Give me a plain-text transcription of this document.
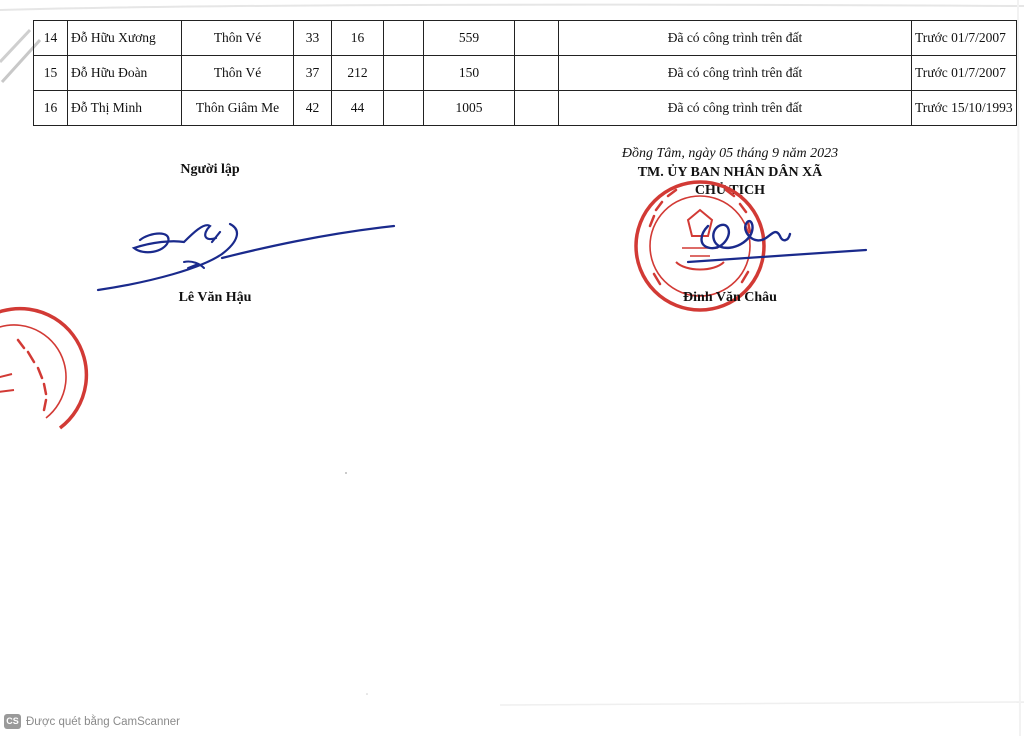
14	Đỗ Hữu Xương	Thôn Vé	33	16		559		Đã có công trình trên đất	Trước 01/7/2007
15	Đỗ Hữu Đoàn	Thôn Vé	37	212		150		Đã có công trình trên đất	Trước 01/7/2007
16	Đỗ Thị Minh	Thôn Giâm Me	42	44		1005		Đã có công trình trên đất	Trước 15/10/1993
Người lập
Lê Văn Hậu
Đồng Tâm, ngày 05 tháng 9 năm 2023
TM. ỦY BAN NHÂN DÂN XÃ
CHỦ TỊCH
Đinh Văn Châu
CS Được quét bằng CamScanner
